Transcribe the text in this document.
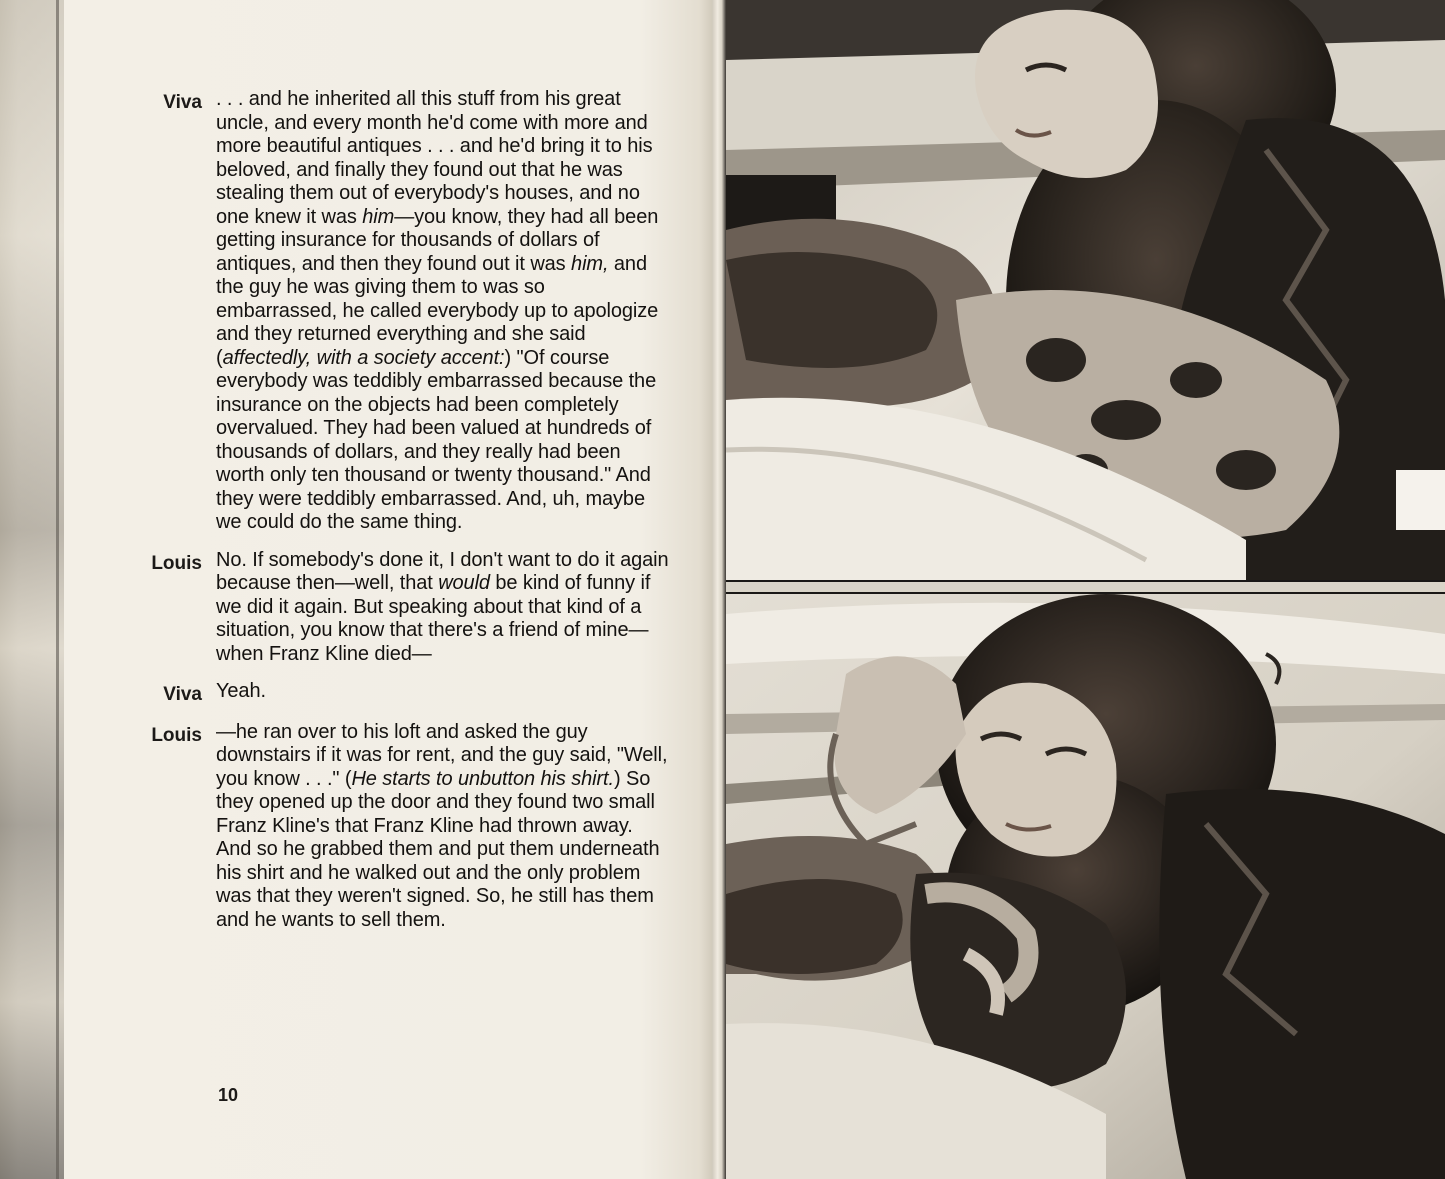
Viva . . . and he inherited all this stuff from his great uncle, and every month he'd come with more and more beautiful antiques . . . and he'd bring it to his beloved, and finally they found out that he was stealing them out of everybody's houses, and no one knew it was him—you know, they had all been getting insurance for thousands of dollars of antiques, and then they found out it was him, and the guy he was giving them to was so embarrassed, he called everybody up to apologize and they returned everything and she said (affectedly, with a society accent:) "Of course everybody was teddibly embarrassed because the insurance on the objects had been completely overvalued. They had been valued at hundreds of thousands of dollars, and they really had been worth only ten thousand or twenty thousand." And they were teddibly embarrassed. And, uh, maybe we could do the same thing.

Louis No. If somebody's done it, I don't want to do it again because then—well, that would be kind of funny if we did it again. But speaking about that kind of a situation, you know that there's a friend of mine—when Franz Kline died—

Viva Yeah.

Louis —he ran over to his loft and asked the guy downstairs if it was for rent, and the guy said, "Well, you know . . ." (He starts to unbutton his shirt.) So they opened up the door and they found two small Franz Kline's that Franz Kline had thrown away. And so he grabbed them and put them underneath his shirt and he walked out and the only problem was that they weren't signed. So, he still has them and he wants to sell them.

10
